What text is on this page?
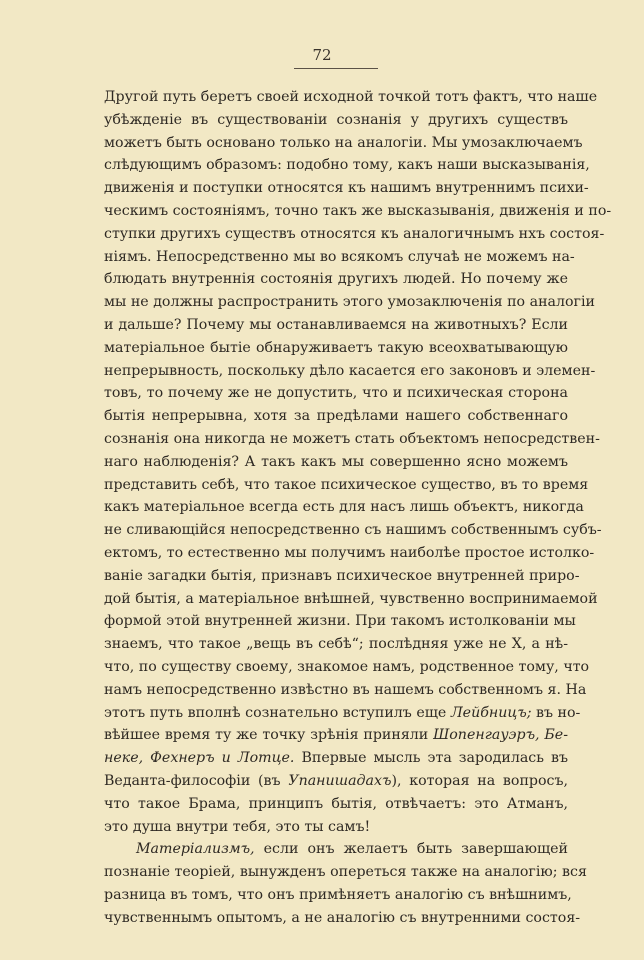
72
Другой путь беретъ своей исходной точкой тотъ фактъ, что наше
убѣжденіе въ существованіи сознанія у другихъ существъ
можетъ быть основано только на аналогіи. Мы умозаключаемъ
слѣдующимъ образомъ: подобно тому, какъ наши высказыванія,
движенія и поступки относятся къ нашимъ внутреннимъ психи-
ческимъ состояніямъ, точно такъ же высказыванія, движенія и по-
ступки другихъ существъ относятся къ аналогичнымъ нхъ состоя-
ніямъ. Непосредственно мы во всякомъ случаѣ не можемъ на-
блюдать внутреннія состоянія другихъ людей. Но почему же
мы не должны распространить этого умозаключенія по аналогіи
и дальше? Почему мы останавливаемся на животныхъ? Если
матеріальное бытіе обнаруживаетъ такую всеохватывающую
непрерывность, поскольку дѣло касается его законовъ и элемен-
товъ, то почему же не допустить, что и психическая сторона
бытія непрерывна, хотя за предѣлами нашего собственнаго
сознанія она никогда не можетъ стать объектомъ непосредствен-
наго наблюденія? А такъ какъ мы совершенно ясно можемъ
представить себѣ, что такое психическое существо, въ то время
какъ матеріальное всегда есть для насъ лишь объектъ, никогда
не сливающійся непосредственно съ нашимъ собственнымъ субъ-
ектомъ, то естественно мы получимъ наиболѣе простое истолко-
ваніе загадки бытія, признавъ психическое внутренней приро-
дой бытія, а матеріальное внѣшней, чувственно воспринимаемой
формой этой внутренней жизни. При такомъ истолкованіи мы
знаемъ, что такое „вещь въ себѣ“; послѣдняя уже не X, а нѣ-
что, по существу своему, знакомое намъ, родственное тому, что
намъ непосредственно извѣстно въ нашемъ собственномъ я. На
этотъ путь вполнѣ сознательно вступилъ еще Лейбницъ; въ но-
вѣйшее время ту же точку зрѣнія приняли Шопенгауэръ, Бе-
неке, Фехнеръ и Лотце. Впервые мысль эта зародилась въ
Веданта-философіи (въ Упанишадахъ), которая на вопросъ,
что такое Брама, принципъ бытія, отвѣчаетъ: это Атманъ,
это душа внутри тебя, это ты самъ!
Матеріализмъ, если онъ желаетъ быть завершающей
познаніе теоріей, вынужденъ опереться также на аналогію; вся
разница въ томъ, что онъ примѣняетъ аналогію съ внѣшнимъ,
чувственнымъ опытомъ, а не аналогію съ внутренними состоя-
